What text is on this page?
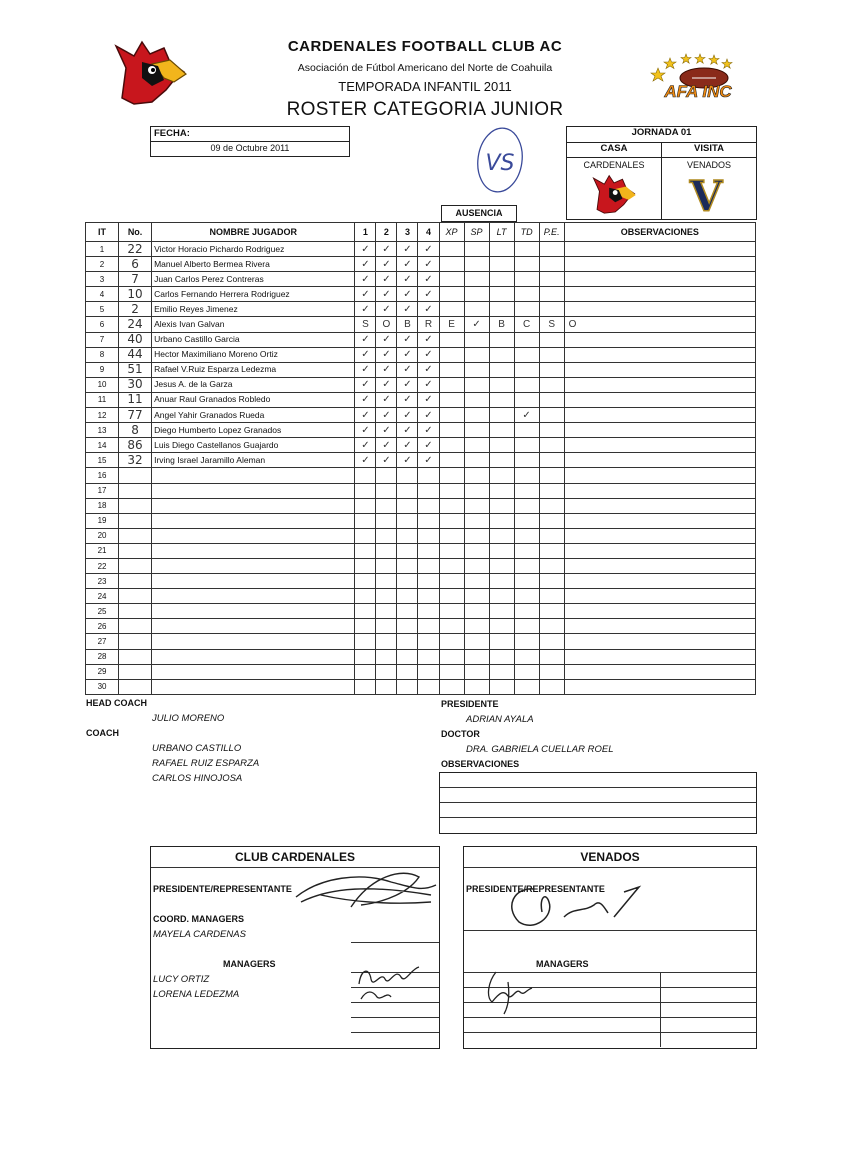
CARDENALES FOOTBALL CLUB AC
Asociación de Fútbol Americano del Norte de Coahuila
TEMPORADA INFANTIL 2011
ROSTER CATEGORIA JUNIOR
AFA INC
FECHA:
09 de Octubre 2011
VS
JORNADA 01
CASA	VISITA
CARDENALES	VENADOS
V
AUSENCIA
IT	No.	NOMBRE JUGADOR	1	2	3	4	XP	SP	LT	TD	P.E.	OBSERVACIONES
1	22	Victor Horacio Pichardo Rodriguez	✓	✓	✓	✓						
2	6	Manuel Alberto Bermea Rivera	✓	✓	✓	✓						
3	7	Juan Carlos Perez Contreras	✓	✓	✓	✓						
4	10	Carlos Fernando Herrera Rodriguez	✓	✓	✓	✓						
5	2	Emilio Reyes Jimenez	✓	✓	✓	✓						
6	24	Alexis Ivan Galvan	S	O	B	R	E	✓	B	C	S	O
7	40	Urbano Castillo Garcia	✓	✓	✓	✓						
8	44	Hector Maximiliano Moreno Ortiz	✓	✓	✓	✓						
9	51	Rafael V.Ruiz Esparza Ledezma	✓	✓	✓	✓						
10	30	Jesus A. de la Garza	✓	✓	✓	✓						
11	11	Anuar Raul Granados Robledo	✓	✓	✓	✓						
12	77	Angel Yahir Granados Rueda	✓	✓	✓	✓				✓		
13	8	Diego Humberto Lopez Granados	✓	✓	✓	✓						
14	86	Luis Diego Castellanos Guajardo	✓	✓	✓	✓						
15	32	Irving Israel Jaramillo Aleman	✓	✓	✓	✓						
16												
17												
18												
19												
20												
21												
22												
23												
24												
25												
26												
27												
28												
29												
30												
HEAD COACH
JULIO MORENO
COACH
URBANO CASTILLO
RAFAEL RUIZ ESPARZA
CARLOS HINOJOSA
PRESIDENTE
ADRIAN AYALA
DOCTOR
DRA. GABRIELA CUELLAR ROEL
OBSERVACIONES
CLUB CARDENALES
PRESIDENTE/REPRESENTANTE
COORD. MANAGERS
MAYELA CARDENAS
MANAGERS
LUCY ORTIZ
LORENA LEDEZMA
VENADOS
PRESIDENTE/REPRESENTANTE
MANAGERS
